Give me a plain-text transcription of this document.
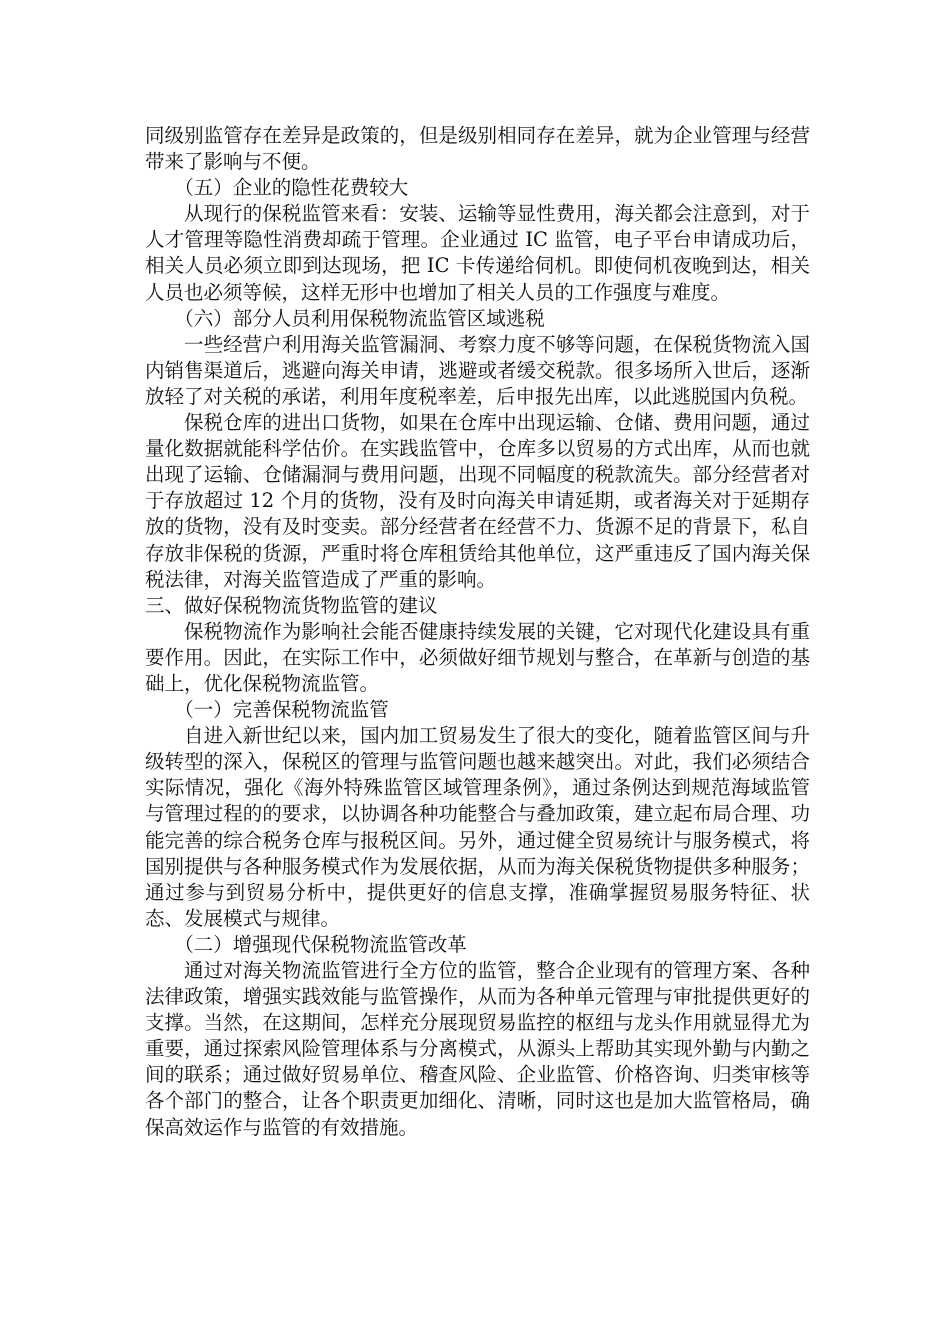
同级别监管存在差异是政策的，但是级别相同存在差异，就为企业管理与经营带来了影响与不便。

（五）企业的隐性花费较大

从现行的保税监管来看：安装、运输等显性费用，海关都会注意到，对于人才管理等隐性消费却疏于管理。企业通过 IC 监管，电子平台申请成功后，相关人员必须立即到达现场，把 IC 卡传递给伺机。即使伺机夜晚到达，相关人员也必须等候，这样无形中也增加了相关人员的工作强度与难度。

（六）部分人员利用保税物流监管区域逃税

一些经营户利用海关监管漏洞、考察力度不够等问题，在保税货物流入国内销售渠道后，逃避向海关申请，逃避或者缓交税款。很多场所入世后，逐渐放轻了对关税的承诺，利用年度税率差，后申报先出库，以此逃脱国内负税。

保税仓库的进出口货物，如果在仓库中出现运输、仓储、费用问题，通过量化数据就能科学估价。在实践监管中，仓库多以贸易的方式出库，从而也就出现了运输、仓储漏洞与费用问题，出现不同幅度的税款流失。部分经营者对于存放超过 12 个月的货物，没有及时向海关申请延期，或者海关对于延期存放的货物，没有及时变卖。部分经营者在经营不力、货源不足的背景下，私自存放非保税的货源，严重时将仓库租赁给其他单位，这严重违反了国内海关保税法律，对海关监管造成了严重的影响。

三、做好保税物流货物监管的建议

保税物流作为影响社会能否健康持续发展的关键，它对现代化建设具有重要作用。因此，在实际工作中，必须做好细节规划与整合，在革新与创造的基础上，优化保税物流监管。

（一）完善保税物流监管

自进入新世纪以来，国内加工贸易发生了很大的变化，随着监管区间与升级转型的深入，保税区的管理与监管问题也越来越突出。对此，我们必须结合实际情况，强化《海外特殊监管区域管理条例》，通过条例达到规范海域监管与管理过程的的要求，以协调各种功能整合与叠加政策，建立起布局合理、功能完善的综合税务仓库与报税区间。另外，通过健全贸易统计与服务模式，将国别提供与各种服务模式作为发展依据，从而为海关保税货物提供多种服务；通过参与到贸易分析中，提供更好的信息支撑，准确掌握贸易服务特征、状态、发展模式与规律。

（二）增强现代保税物流监管改革

通过对海关物流监管进行全方位的监管，整合企业现有的管理方案、各种法律政策，增强实践效能与监管操作，从而为各种单元管理与审批提供更好的支撑。当然，在这期间，怎样充分展现贸易监控的枢纽与龙头作用就显得尤为重要，通过探索风险管理体系与分离模式，从源头上帮助其实现外勤与内勤之间的联系；通过做好贸易单位、稽查风险、企业监管、价格咨询、归类审核等各个部门的整合，让各个职责更加细化、清晰，同时这也是加大监管格局，确保高效运作与监管的有效措施。
